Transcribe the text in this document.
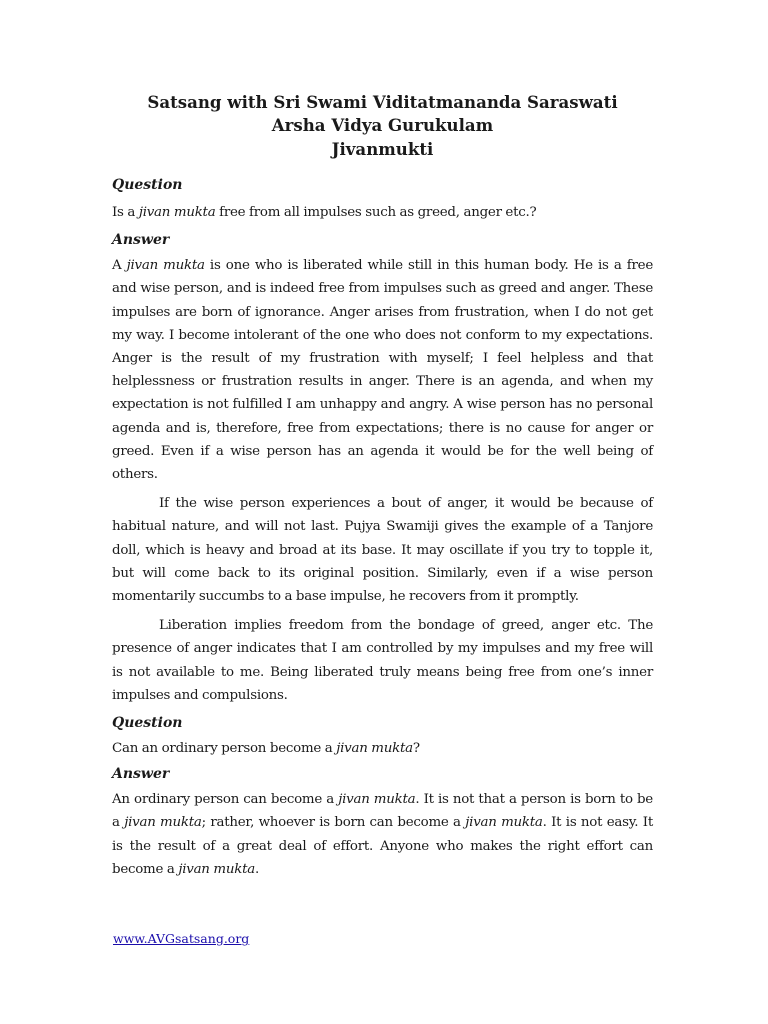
Satsang with Sri Swami Viditatmananda Saraswati
Arsha Vidya Gurukulam
Jivanmukti
Question

Is a jivan mukta free from all impulses such as greed, anger etc.?

Answer

A jivan mukta is one who is liberated while still in this human body. He is a free and wise person, and is indeed free from impulses such as greed and anger. These impulses are born of ignorance. Anger arises from frustration, when I do not get my way. I become intolerant of the one who does not conform to my expectations. Anger is the result of my frustration with myself; I feel helpless and that helplessness or frustration results in anger. There is an agenda, and when my expectation is not fulfilled I am unhappy and angry. A wise person has no personal agenda and is, therefore, free from expectations; there is no cause for anger or greed. Even if a wise person has an agenda it would be for the well being of others.

If the wise person experiences a bout of anger, it would be because of habitual nature, and will not last. Pujya Swamiji gives the example of a Tanjore doll, which is heavy and broad at its base. It may oscillate if you try to topple it, but will come back to its original position. Similarly, even if a wise person momentarily succumbs to a base impulse, he recovers from it promptly.

Liberation implies freedom from the bondage of greed, anger etc. The presence of anger indicates that I am controlled by my impulses and my free will is not available to me. Being liberated truly means being free from one’s inner impulses and compulsions.

Question

Can an ordinary person become a jivan mukta?

Answer

An ordinary person can become a jivan mukta. It is not that a person is born to be a jivan mukta; rather, whoever is born can become a jivan mukta. It is not easy. It is the result of a great deal of effort. Anyone who makes the right effort can become a jivan mukta.

www.AVGsatsang.org
